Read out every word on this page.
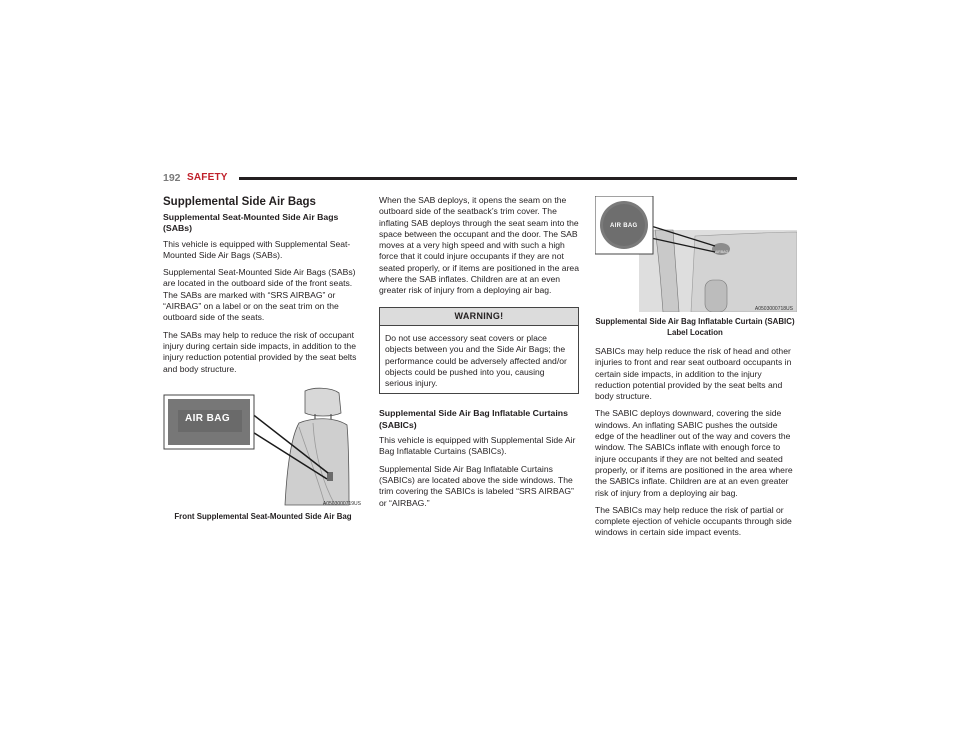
192 SAFETY
Supplemental Side Air Bags
Supplemental Seat-Mounted Side Air Bags (SABs)

This vehicle is equipped with Supplemental Seat-Mounted Side Air Bags (SABs).

Supplemental Seat-Mounted Side Air Bags (SABs) are located in the outboard side of the front seats. The SABs are marked with “SRS AIRBAG” or “AIRBAG” on a label or on the seat trim on the outboard side of the seats.

The SABs may help to reduce the risk of occupant injury during certain side impacts, in addition to the injury reduction potential provided by the seat belts and body structure.

AIR BAG
A0503000719US
Front Supplemental Seat-Mounted Side Air Bag

When the SAB deploys, it opens the seam on the outboard side of the seatback’s trim cover. The inflating SAB deploys through the seat seam into the space between the occupant and the door. The SAB moves at a very high speed and with such a high force that it could injure occupants if they are not seated properly, or if items are positioned in the area where the SAB inflates. Children are at an even greater risk of injury from a deploying air bag.

WARNING!
Do not use accessory seat covers or place objects between you and the Side Air Bags; the performance could be adversely affected and/or objects could be pushed into you, causing serious injury.
Supplemental Side Air Bag Inflatable Curtains (SABICs)

This vehicle is equipped with Supplemental Side Air Bag Inflatable Curtains (SABICs).

Supplemental Side Air Bag Inflatable Curtains (SABICs) are located above the side windows. The trim covering the SABICs is labeled “SRS AIRBAG” or “AIRBAG.”

AIR BAG
AIRBAG
A0503000718US
Supplemental Side Air Bag Inflatable Curtain (SABIC)
Label Location

SABICs may help reduce the risk of head and other injuries to front and rear seat outboard occupants in certain side impacts, in addition to the injury reduction potential provided by the seat belts and body structure.

The SABIC deploys downward, covering the side windows. An inflating SABIC pushes the outside edge of the headliner out of the way and covers the window. The SABICs inflate with enough force to injure occupants if they are not belted and seated properly, or if items are positioned in the area where the SABICs inflate. Children are at an even greater risk of injury from a deploying air bag.

The SABICs may help reduce the risk of partial or complete ejection of vehicle occupants through side windows in certain side impact events.
